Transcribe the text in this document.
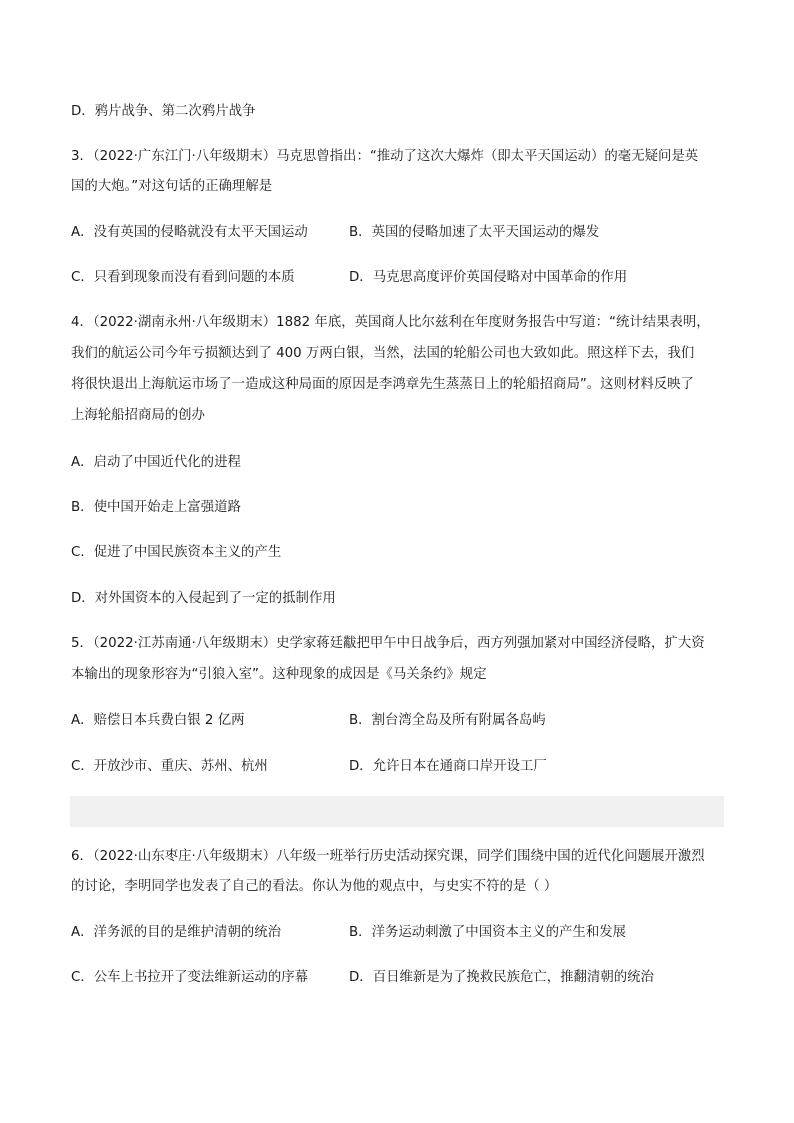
D．鸦片战争、第二次鸦片战争
3．（2022·广东江门·八年级期末）马克思曾指出：“推动了这次大爆炸（即太平天国运动）的毫无疑问是英
国的大炮。”对这句话的正确理解是
A．没有英国的侵略就没有太平天国运动	B．英国的侵略加速了太平天国运动的爆发
C．只看到现象而没有看到问题的本质	D．马克思高度评价英国侵略对中国革命的作用
4．（2022·湖南永州·八年级期末）1882 年底，英国商人比尔兹利在年度财务报告中写道：“统计结果表明，
我们的航运公司今年亏损额达到了 400 万两白银，当然，法国的轮船公司也大致如此。照这样下去，我们
将很快退出上海航运市场了一造成这种局面的原因是李鸿章先生蒸蒸日上的轮船招商局”。这则材料反映了
上海轮船招商局的创办
A．启动了中国近代化的进程
B．使中国开始走上富强道路
C．促进了中国民族资本主义的产生
D．对外国资本的入侵起到了一定的抵制作用
5．（2022·江苏南通·八年级期末）史学家蒋廷黻把甲午中日战争后，西方列强加紧对中国经济侵略，扩大资
本输出的现象形容为“引狼入室”。这种现象的成因是《马关条约》规定
A．赔偿日本兵费白银 2 亿两	B．割台湾全岛及所有附属各岛屿
C．开放沙市、重庆、苏州、杭州	D．允许日本在通商口岸开设工厂
6．（2022·山东枣庄·八年级期末）八年级一班举行历史活动探究课，同学们围绕中国的近代化问题展开激烈
的讨论，李明同学也发表了自己的看法。你认为他的观点中，与史实不符的是（ ）
A．洋务派的目的是维护清朝的统治	B．洋务运动刺激了中国资本主义的产生和发展
C．公车上书拉开了变法维新运动的序幕	D．百日维新是为了挽救民族危亡，推翻清朝的统治
